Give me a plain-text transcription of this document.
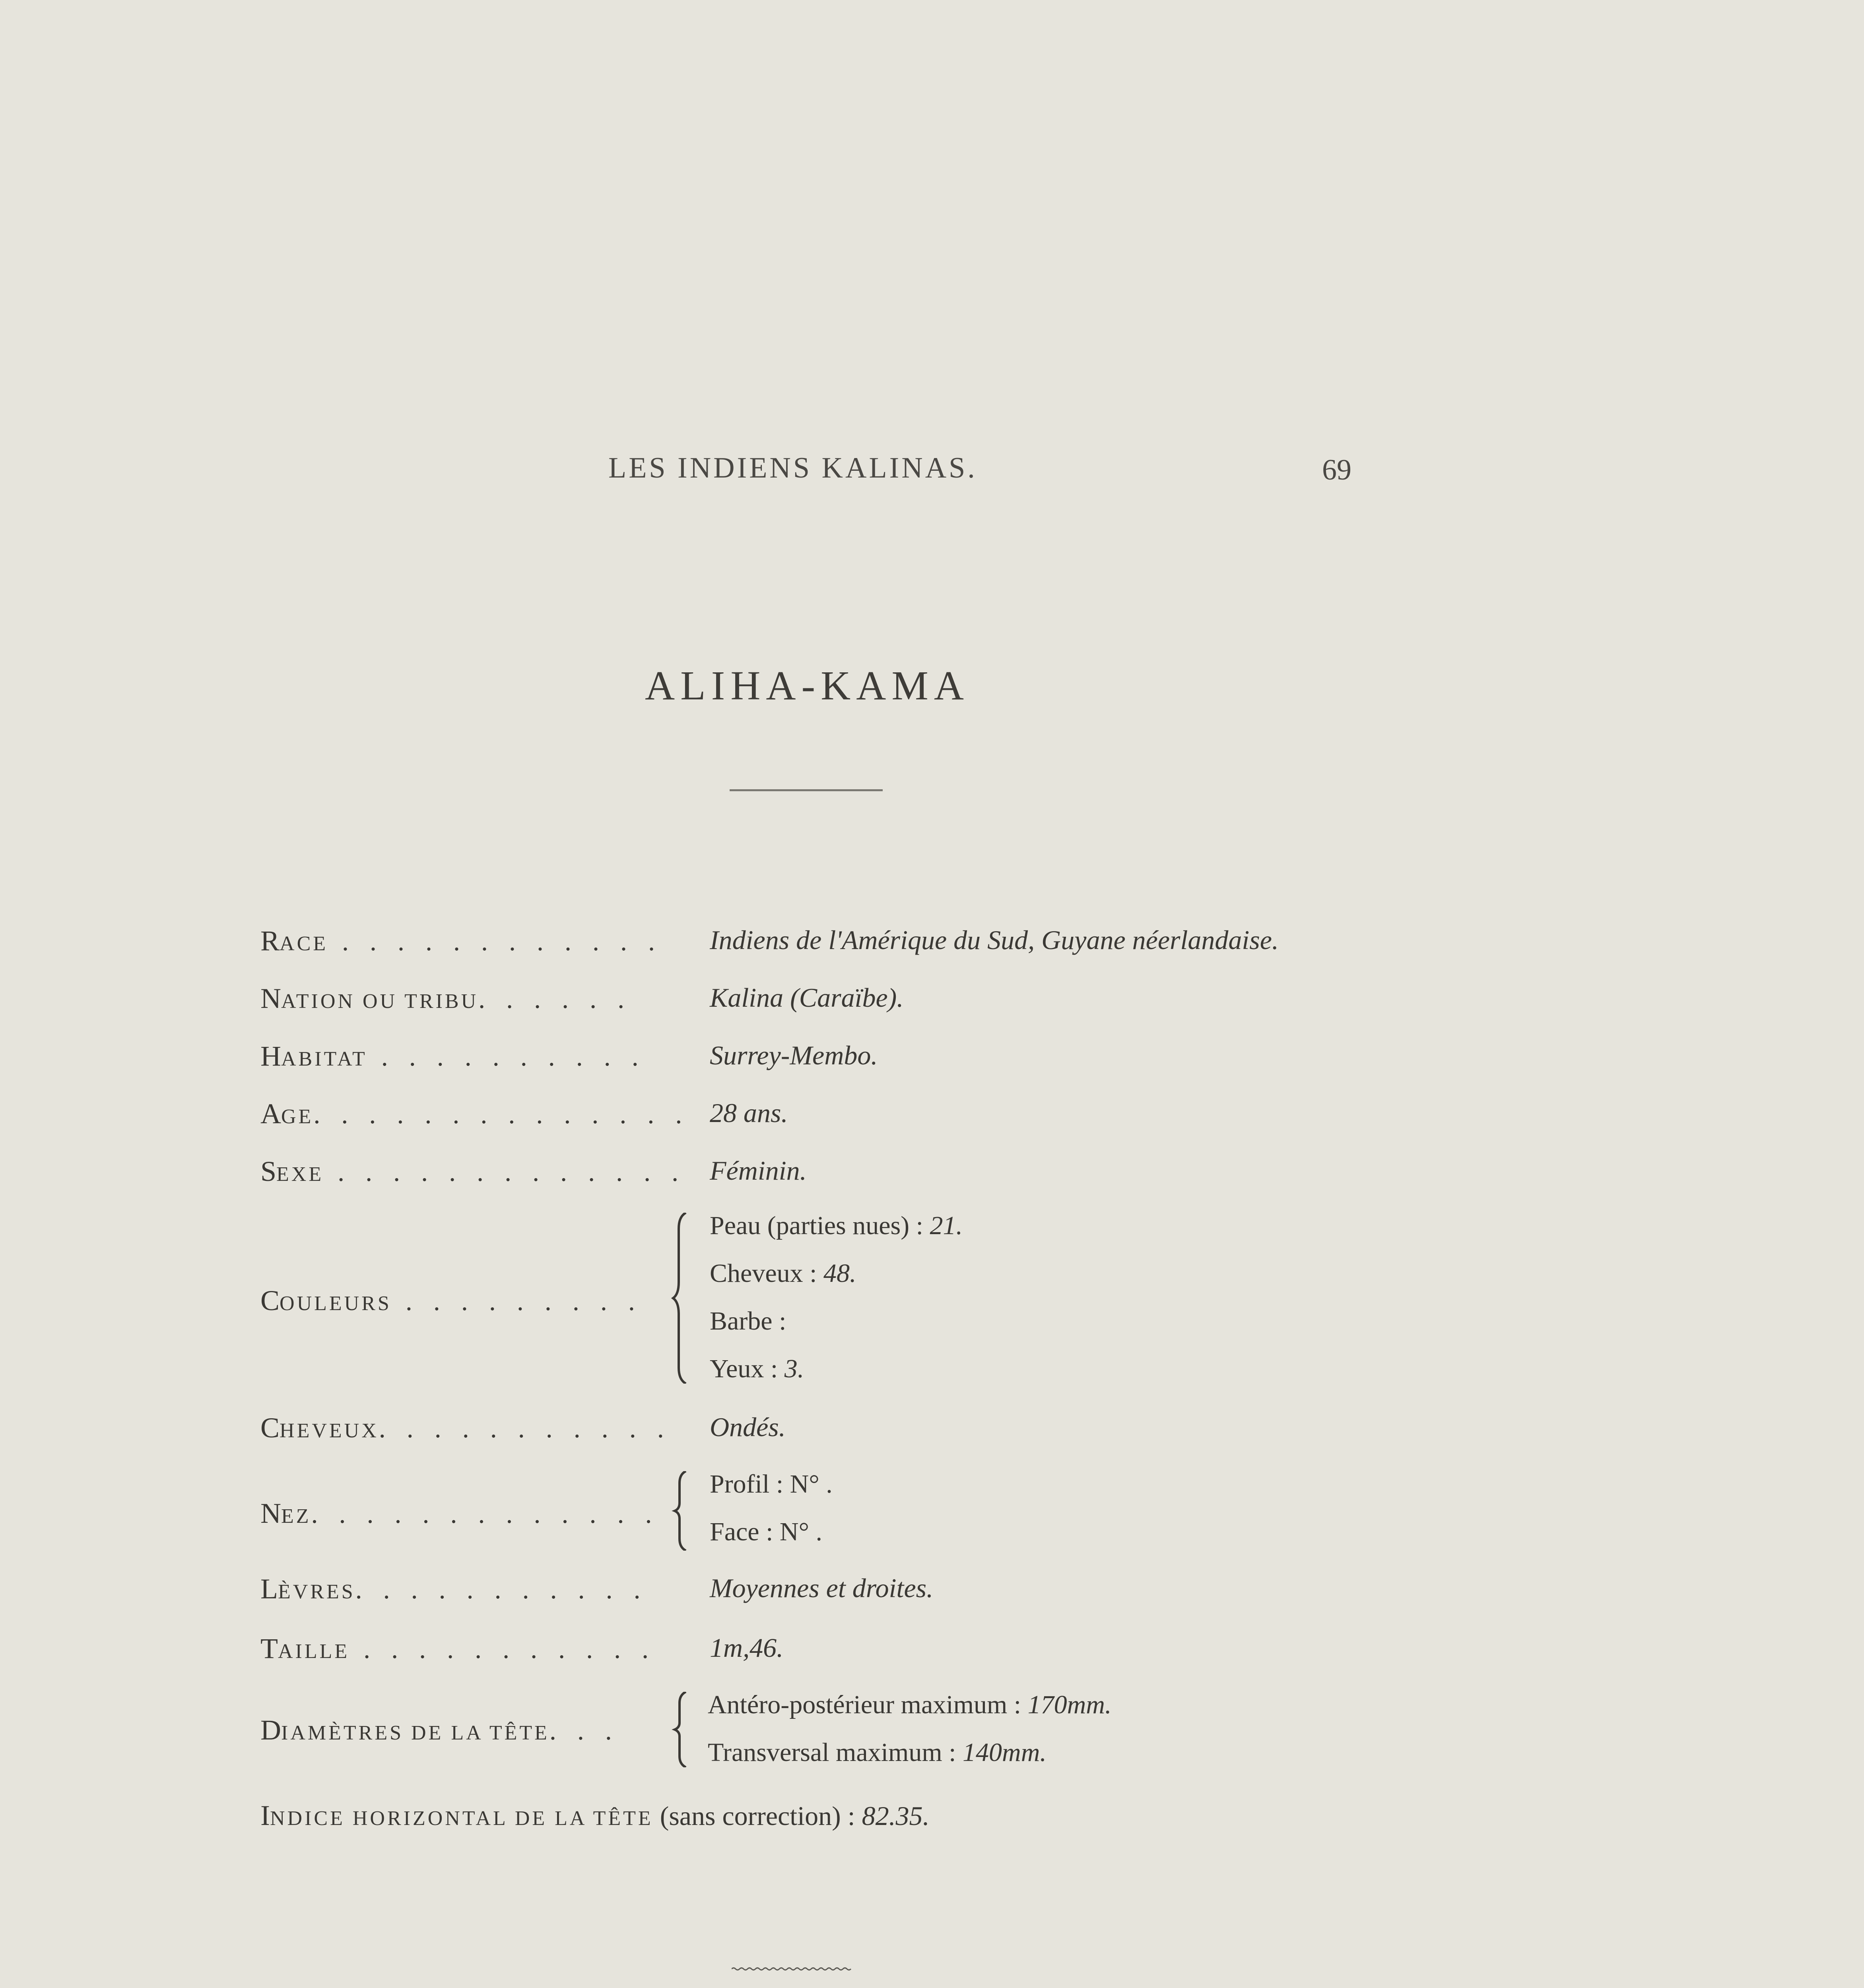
LES INDIENS KALINAS.	69
ALIHA-KAMA
RACE . . . . . . . . . . . . Indiens de l'Amérique du Sud, Guyane néerlandaise.
NATION OU TRIBU. . . . . .	Kalina (Caraïbe).
HABITAT . . . . . . . . . . Surrey-Membo.
AGE. . . . . . . . . . . . . . 28 ans.
SEXE . . . . . . . . . . . . . Féminin.
COULEURS . . . . . . . . .
Peau (parties nues) : 21.
Cheveux : 48.
Barbe :
Yeux : 3.
CHEVEUX. . . . . . . . . . . Ondés.
NEZ. . . . . . . . . . . . .
Profil : N° .
Face : N° .
LÈVRES. . . . . . . . . . . Moyennes et droites.
TAILLE . . . . . . . . . . . 1m,46.
DIAMÈTRES DE LA TÊTE. . .
Antéro-postérieur maximum : 170mm.
Transversal maximum : 140mm.
INDICE HORIZONTAL DE LA TÊTE (sans correction) : 82.35.
